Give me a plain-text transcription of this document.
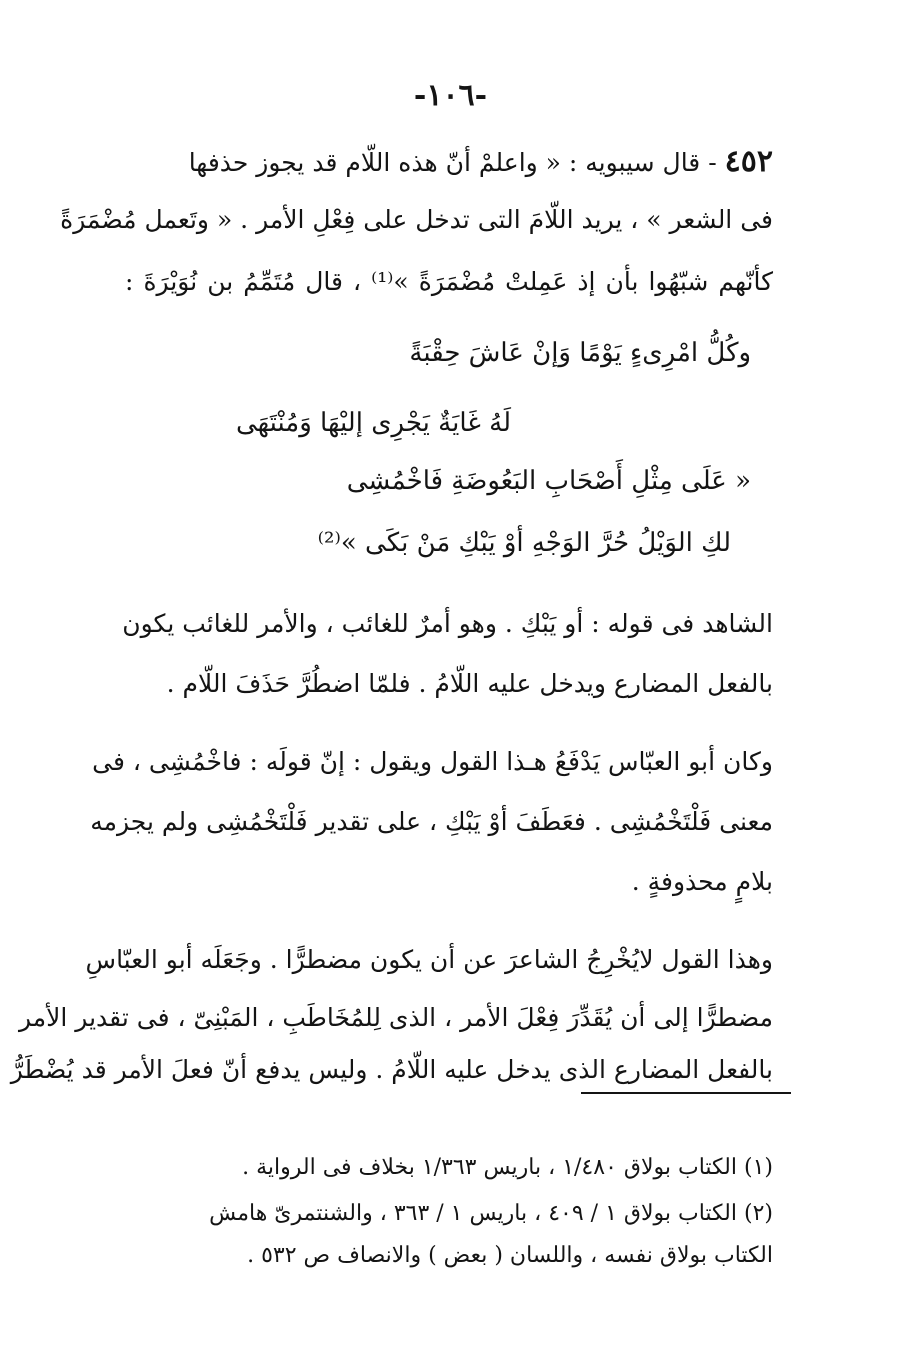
-١٠٦-
٤٥٢- قال سيبويه : « واعلمْ أنّ هذه اللّام قد يجوز حذفها
فى الشعر » ، يريد اللّامَ التى تدخل على فِعْلِ الأمر . « وتَعمل مُضْمَرَةً
كأنّهم شبّهُوا بأن إذ عَمِلتْ مُضْمَرَةً »⁽¹⁾ ، قال مُتَمِّمُ بن نُوَيْرَةَ :
وكُلُّ امْرِىءٍ يَوْمًا وَإنْ عَاشَ حِقْبَةً
لَهُ غَايَةٌ يَجْرِى إليْهَا وَمُنْتَهَى
« عَلَى مِثْلِ أَصْحَابِ البَعُوضَةِ فَاخْمُشِى
لكِ الوَيْلُ حُرَّ الوَجْهِ أوْ يَبْكِ مَنْ بَكَى »⁽²⁾
الشاهد فى قوله : أو يَبْكِ . وهو أمرٌ للغائب ، والأمر للغائب يكون
بالفعل المضارع ويدخل عليه اللّامُ . فلمّا اضطُرَّ حَذَفَ اللّام .
وكان أبو العبّاس يَدْفَعُ هـذا القول ويقول : إنّ قولَه : فاخْمُشِى ، فى
معنى فَلْتَخْمُشِى . فعَطَفَ أوْ يَبْكِ ، على تقدير فَلْتَخْمُشِى ولم يجزمه
بلامٍ محذوفةٍ .
وهذا القول لايُخْرِجُ الشاعرَ عن أن يكون مضطرًّا . وجَعَلَه أبو العبّاسِ
مضطرًّا إلى أن يُقَدِّرَ فِعْلَ الأمر ، الذى لِلمُخَاطَبِ ، المَبْنِىّ ، فى تقدير الأمر
بالفعل المضارع الذى يدخل عليه اللّامُ . وليس يدفع أنّ فعلَ الأمر قد يُضْطَرُّ
(١) الكتاب بولاق ١/٤٨٠ ، باريس ١/٣٦٣ بخلاف فى الرواية .
(٢) الكتاب بولاق ١ / ٤٠٩ ، باريس ١ / ٣٦٣ ، والشنتمرىّ هامش
الكتاب بولاق نفسه ، واللسان ( بعض ) والانصاف ص ٥٣٢ .
